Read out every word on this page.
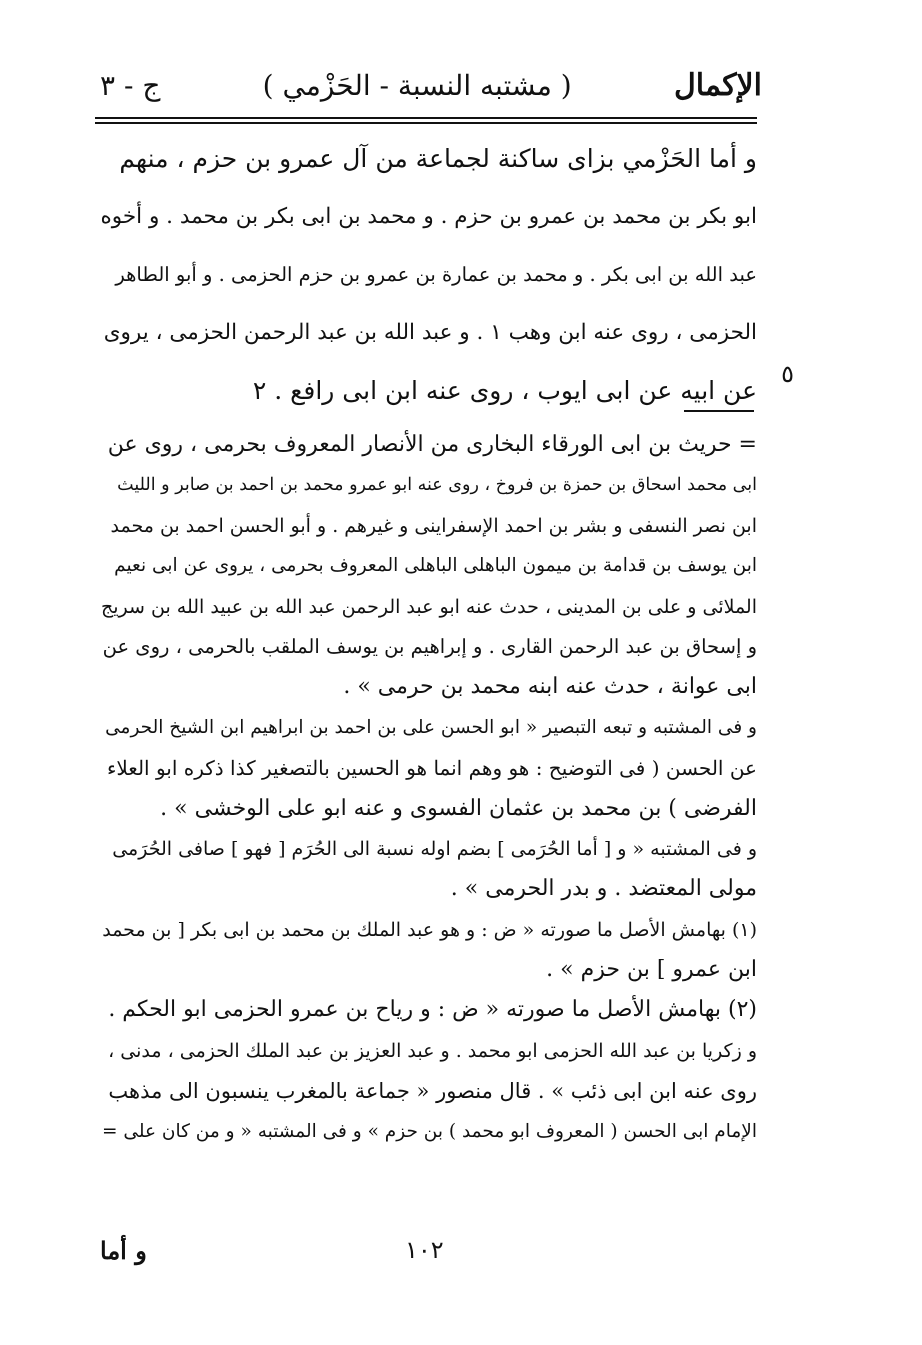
الإكمال
( مشتبه النسبة - الحَزْمي )
ج - ٣
و أما الحَزْمي بزاى ساكنة لجماعة من آل عمرو بن حزم ، منهم
ابو بكر بن محمد بن عمرو بن حزم . و محمد بن ابى بكر بن محمد . و أخوه
عبد الله بن ابى بكر . و محمد بن عمارة بن عمرو بن حزم الحزمى . و أبو الطاهر
الحزمى ، روى عنه ابن وهب ١ . و عبد الله بن عبد الرحمن الحزمى ، يروى
عن ابيه عن ابى ايوب ، روى عنه ابن ابى رافع . ٢
٥
= حريث بن ابى الورقاء البخارى من الأنصار المعروف بحرمى ، روى عن
ابى محمد اسحاق بن حمزة بن فروخ ، روى عنه ابو عمرو محمد بن احمد بن صابر و الليث
ابن نصر النسفى و بشر بن احمد الإسفراينى و غيرهم . و أبو الحسن احمد بن محمد
ابن يوسف بن قدامة بن ميمون الباهلى الباهلى المعروف بحرمى ، يروى عن ابى نعيم
الملائى و على بن المدينى ، حدث عنه ابو عبد الرحمن عبد الله بن عبيد الله بن سريج
و إسحاق بن عبد الرحمن القارى . و إبراهيم بن يوسف الملقب بالحرمى ، روى عن
ابى عوانة ، حدث عنه ابنه محمد بن حرمى » .
و فى المشتبه و تبعه التبصير « ابو الحسن على بن احمد بن ابراهيم ابن الشيخ الحرمى
عن الحسن ( فى التوضيح : هو وهم انما هو الحسين بالتصغير كذا ذكره ابو العلاء
الفرضى ) بن محمد بن عثمان الفسوى و عنه ابو على الوخشى » .
و فى المشتبه « و [ أما الحُرَمى ] بضم اوله نسبة الى الحُرَم [ فهو ] صافى الحُرَمى
مولى المعتضد . و بدر الحرمى » .
(١) بهامش الأصل ما صورته « ض : و هو عبد الملك بن محمد بن ابى بكر [ بن محمد
ابن عمرو ] بن حزم » .
(٢) بهامش الأصل ما صورته « ض : و رياح بن عمرو الحزمى ابو الحكم .
و زكريا بن عبد الله الحزمى ابو محمد . و عبد العزيز بن عبد الملك الحزمى ، مدنى ،
روى عنه ابن ابى ذئب » . قال منصور « جماعة بالمغرب ينسبون الى مذهب
الإمام ابى الحسن ( المعروف ابو محمد ) بن حزم » و فى المشتبه « و من كان على =
١٠٢
و أما
